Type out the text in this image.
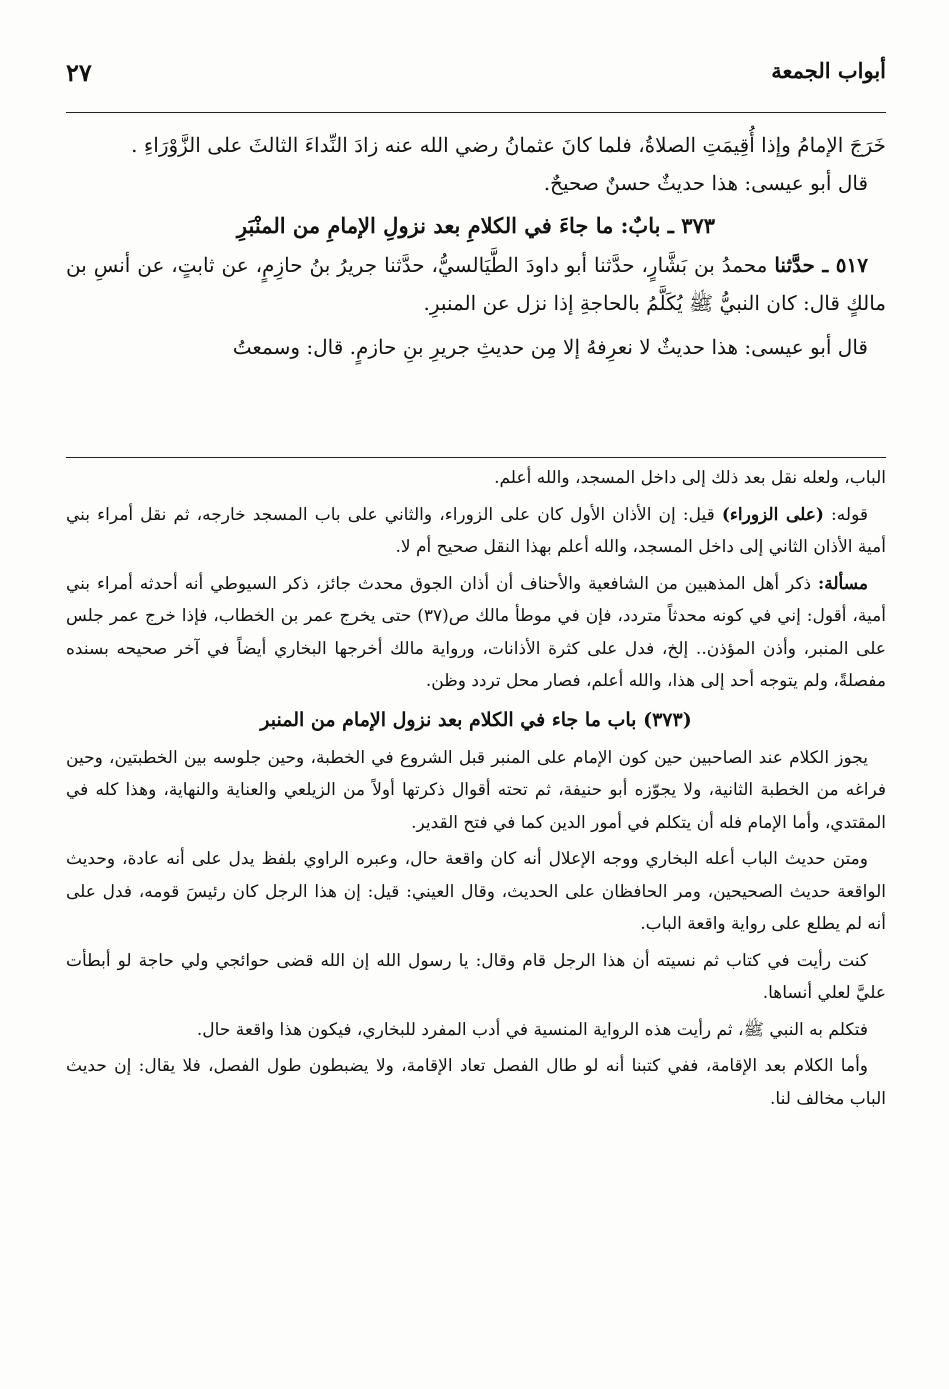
أبواب الجمعة
٢٧

خَرَجَ الإمامُ وإذا أُقِيمَتِ الصلاةُ، فلما كانَ عثمانُ رضي الله عنه زادَ النِّداءَ الثالثَ على الزَّوْرَاءِ .

قال أبو عيسى: هذا حديثٌ حسنٌ صحيحٌ.

٣٧٣ ـ بابٌ: ما جاءَ في الكلامِ بعد نزولِ الإمامِ من المنْبَرِ

٥١٧ ـ حدَّثنا محمدُ بن بَشَّارٍ، حدَّثنا أبو داودَ الطَّيَالسيُّ، حدَّثنا جريرُ بنُ حازِمٍ، عن ثابتٍ، عن أنسِ بن مالكٍ قال: كان النبيُّ ﷺ يُكَلَّمُ بالحاجةِ إذا نزل عن المنبرِ.

قال أبو عيسى: هذا حديثٌ لا نعرِفهُ إلا مِن حديثِ جريرِ بنِ حازمٍ. قال: وسمعتُ

الباب، ولعله نقل بعد ذلك إلى داخل المسجد، والله أعلم.

قوله: (على الزوراء) قيل: إن الأذان الأول كان على الزوراء، والثاني على باب المسجد خارجه، ثم نقل أمراء بني أمية الأذان الثاني إلى داخل المسجد، والله أعلم بهذا النقل صحيح أم لا.

مسألة: ذكر أهل المذهبين من الشافعية والأحناف أن أذان الجوق محدث جائز، ذكر السيوطي أنه أحدثه أمراء بني أمية، أقول: إني في كونه محدثاً متردد، فإن في موطأ مالك ص(٣٧) حتى يخرج عمر بن الخطاب، فإذا خرج عمر جلس على المنبر، وأذن المؤذن.. إلخ، فدل على كثرة الأذانات، ورواية مالك أخرجها البخاري أيضاً في آخر صحيحه بسنده مفصلةً، ولم يتوجه أحد إلى هذا، والله أعلم، فصار محل تردد وظن.

(٣٧٣) باب ما جاء في الكلام بعد نزول الإمام من المنبر

يجوز الكلام عند الصاحبين حين كون الإمام على المنبر قبل الشروع في الخطبة، وحين جلوسه بين الخطبتين، وحين فراغه من الخطبة الثانية، ولا يجوّزه أبو حنيفة، ثم تحته أقوال ذكرتها أولاً من الزيلعي والعناية والنهاية، وهذا كله في المقتدي، وأما الإمام فله أن يتكلم في أمور الدين كما في فتح القدير.

ومتن حديث الباب أعله البخاري ووجه الإعلال أنه كان واقعة حال، وعبره الراوي بلفظ يدل على أنه عادة، وحديث الواقعة حديث الصحيحين، ومر الحافظان على الحديث، وقال العيني: قيل: إن هذا الرجل كان رئيسَ قومه، فدل على أنه لم يطلع على رواية واقعة الباب.

كنت رأيت في كتاب ثم نسيته أن هذا الرجل قام وقال: يا رسول الله إن الله قضى حوائجي ولي حاجة لو أبطأت عليَّ لعلي أنساها.

فتكلم به النبي ﷺ، ثم رأيت هذه الرواية المنسية في أدب المفرد للبخاري، فيكون هذا واقعة حال.

وأما الكلام بعد الإقامة، ففي كتبنا أنه لو طال الفصل تعاد الإقامة، ولا يضبطون طول الفصل، فلا يقال: إن حديث الباب مخالف لنا.
